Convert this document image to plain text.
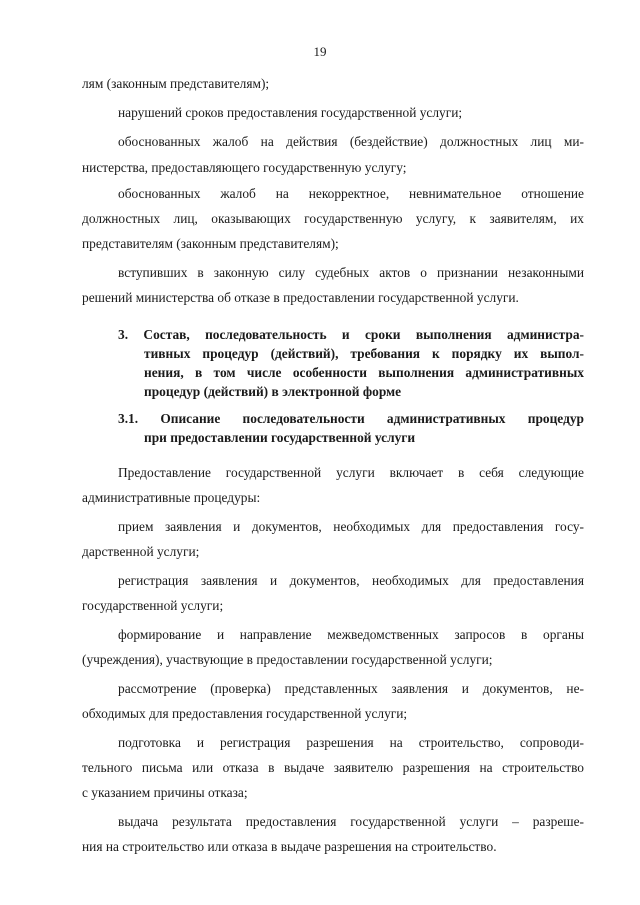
19
лям (законным представителям);
нарушений сроков предоставления государственной услуги;
обоснованных жалоб на действия (бездействие) должностных лиц ми-
нистерства, предоставляющего государственную услугу;
обоснованных жалоб на некорректное, невнимательное отношение
должностных лиц, оказывающих государственную услугу, к заявителям, их
представителям (законным представителям);
вступивших в законную силу судебных актов о признании незаконными
решений министерства об отказе в предоставлении государственной услуги.
3. Состав, последовательность и сроки выполнения администра-
тивных процедур (действий), требования к порядку их выпол-
нения, в том числе особенности выполнения административных
процедур (действий) в электронной форме
3.1. Описание последовательности административных процедур
при предоставлении государственной услуги
Предоставление государственной услуги включает в себя следующие
административные процедуры:
прием заявления и документов, необходимых для предоставления госу-
дарственной услуги;
регистрация заявления и документов, необходимых для предоставления
государственной услуги;
формирование и направление межведомственных запросов в органы
(учреждения), участвующие в предоставлении государственной услуги;
рассмотрение (проверка) представленных заявления и документов, не-
обходимых для предоставления государственной услуги;
подготовка и регистрация разрешения на строительство, сопроводи-
тельного письма или отказа в выдаче заявителю разрешения на строительство
с указанием причины отказа;
выдача результата предоставления государственной услуги – разреше-
ния на строительство или отказа в выдаче разрешения на строительство.
